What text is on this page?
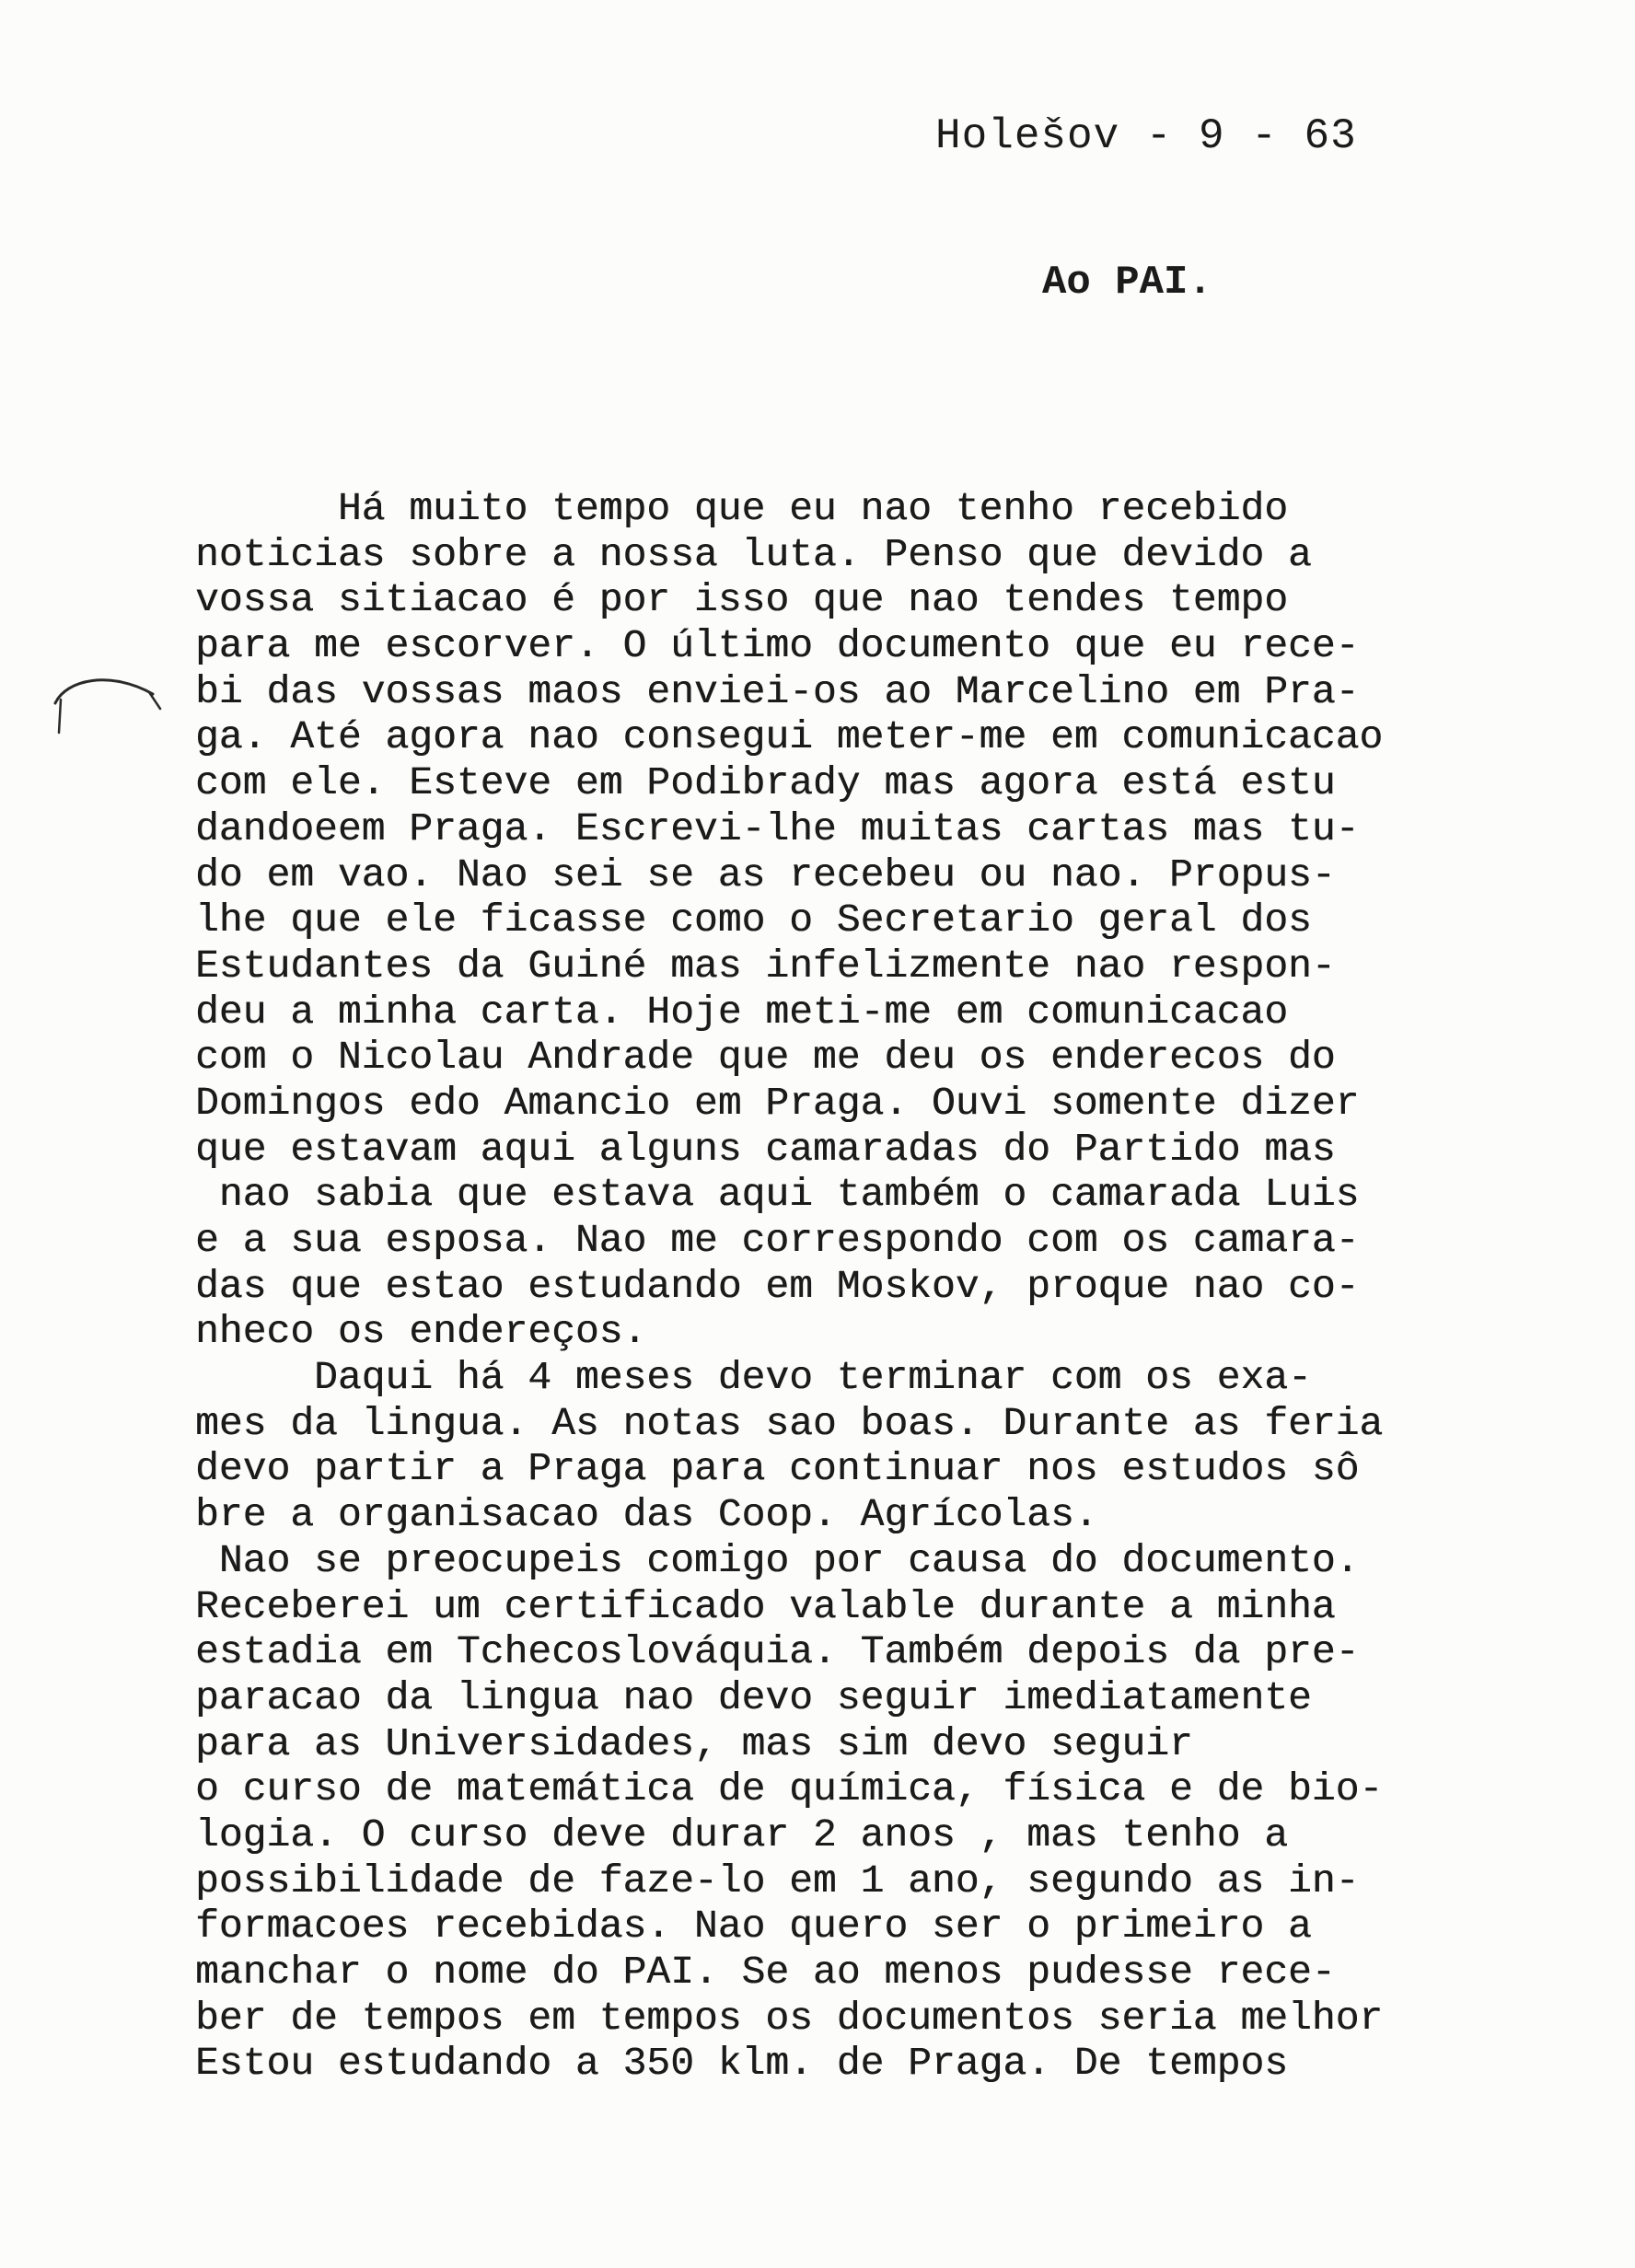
Holešov - 9 - 63
Ao PAI.
Há muito tempo que eu nao tenho recebido
noticias sobre a nossa luta. Penso que devido a
vossa sitiacao é por isso que nao tendes tempo
para me escorver. O último documento que eu rece-
bi das vossas maos enviei-os ao Marcelino em Pra-
ga. Até agora nao consegui meter-me em comunicacao
com ele. Esteve em Podibrady mas agora está estu
dandoeem Praga. Escrevi-lhe muitas cartas mas tu-
do em vao. Nao sei se as recebeu ou nao. Propus-
lhe que ele ficasse como o Secretario geral dos
Estudantes da Guiné mas infelizmente nao respon-
deu a minha carta. Hoje meti-me em comunicacao
com o Nicolau Andrade que me deu os enderecos do
Domingos edo Amancio em Praga. Ouvi somente dizer
que estavam aqui alguns camaradas do Partido mas
nao sabia que estava aqui também o camarada Luis
e a sua esposa. Nao me correspondo com os camara-
das que estao estudando em Moskov, proque nao co-
nheco os endereços.
Daqui há 4 meses devo terminar com os exa-
mes da lingua. As notas sao boas. Durante as feria
devo partir a Praga para continuar nos estudos sô
bre a organisacao das Coop. Agrícolas.
Nao se preocupeis comigo por causa do documento.
Receberei um certificado valable durante a minha
estadia em Tchecoslováquia. Também depois da pre-
paracao da lingua nao devo seguir imediatamente
para as Universidades, mas sim devo seguir
o curso de matemática de química, física e de bio-
logia. O curso deve durar 2 anos , mas tenho a
possibilidade de faze-lo em 1 ano, segundo as in-
formacoes recebidas. Nao quero ser o primeiro a
manchar o nome do PAI. Se ao menos pudesse rece-
ber de tempos em tempos os documentos seria melhor
Estou estudando a 350 klm. de Praga. De tempos
